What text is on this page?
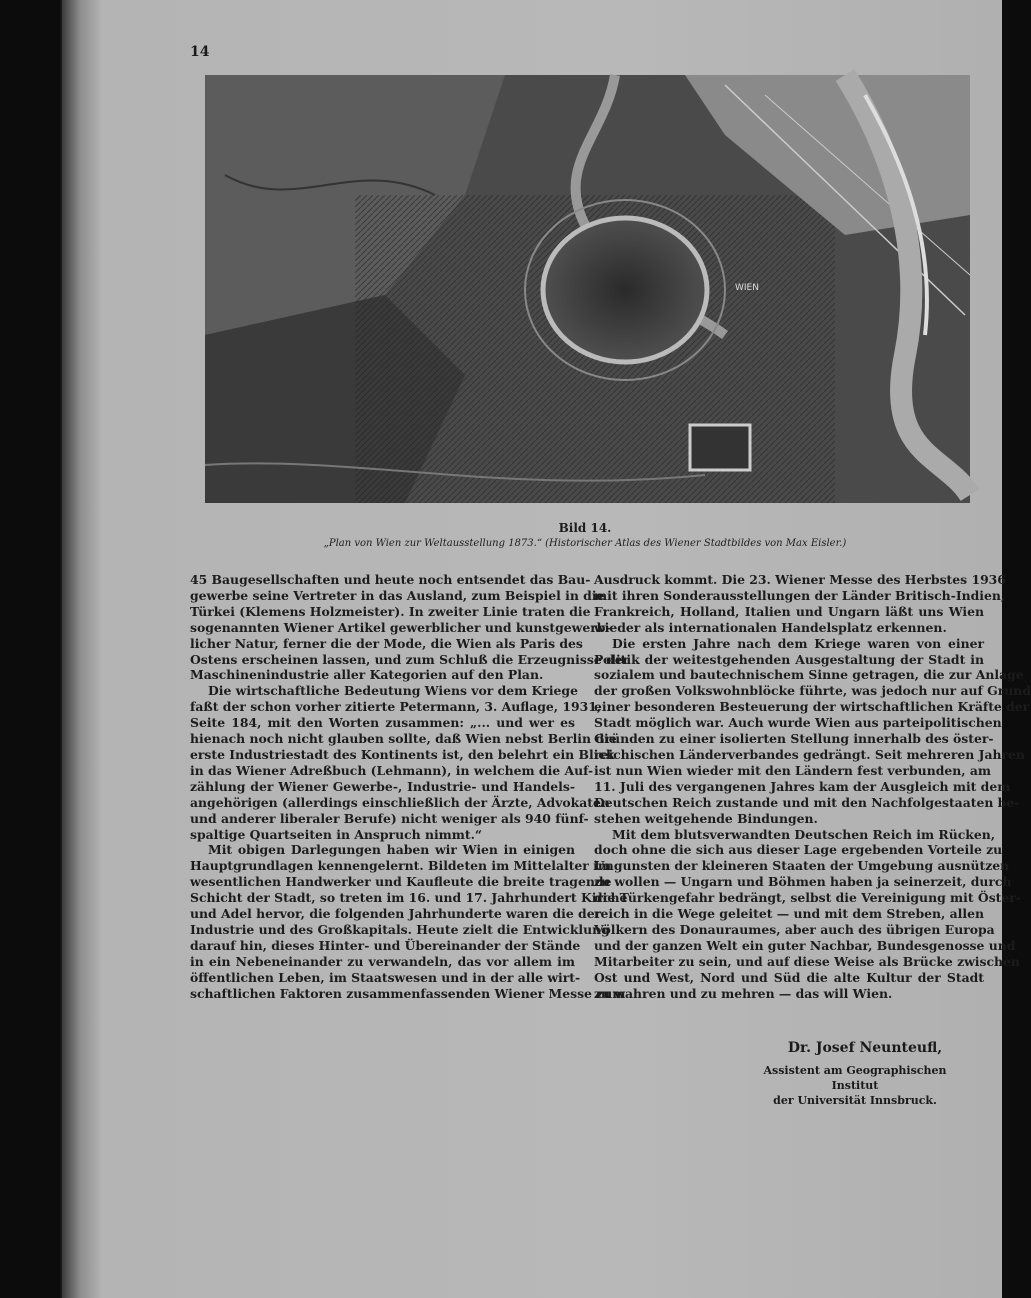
14
WIEN
Bild 14.
„Plan von Wien zur Weltausstellung 1873.“ (Historischer Atlas des Wiener Stadtbildes von Max Eisler.)
45 Baugesellschaften und heute noch entsendet das Bau-
gewerbe seine Vertreter in das Ausland, zum Beispiel in die
Türkei (Klemens Holzmeister). In zweiter Linie traten die
sogenannten Wiener Artikel gewerblicher und kunstgewerb-
licher Natur, ferner die der Mode, die Wien als Paris des
Ostens erscheinen lassen, und zum Schluß die Erzeugnisse der
Maschinenindustrie aller Kategorien auf den Plan.
Die wirtschaftliche Bedeutung Wiens vor dem Kriege
faßt der schon vorher zitierte Petermann, 3. Auflage, 1931,
Seite 184, mit den Worten zusammen: „... und wer es
hienach noch nicht glauben sollte, daß Wien nebst Berlin die
erste Industriestadt des Kontinents ist, den belehrt ein Blick
in das Wiener Adreßbuch (Lehmann), in welchem die Auf-
zählung der Wiener Gewerbe-, Industrie- und Handels-
angehörigen (allerdings einschließlich der Ärzte, Advokaten
und anderer liberaler Berufe) nicht weniger als 940 fünf-
spaltige Quartseiten in Anspruch nimmt.“
Mit obigen Darlegungen haben wir Wien in einigen
Hauptgrundlagen kennengelernt. Bildeten im Mittelalter im
wesentlichen Handwerker und Kaufleute die breite tragende
Schicht der Stadt, so treten im 16. und 17. Jahrhundert Kirche
und Adel hervor, die folgenden Jahrhunderte waren die der
Industrie und des Großkapitals. Heute zielt die Entwicklung
darauf hin, dieses Hinter- und Übereinander der Stände
in ein Nebeneinander zu verwandeln, das vor allem im
öffentlichen Leben, im Staatswesen und in der alle wirt-
schaftlichen Faktoren zusammenfassenden Wiener Messe zum
Ausdruck kommt. Die 23. Wiener Messe des Herbstes 1936
mit ihren Sonderausstellungen der Länder Britisch-Indien,
Frankreich, Holland, Italien und Ungarn läßt uns Wien
wieder als internationalen Handelsplatz erkennen.
Die ersten Jahre nach dem Kriege waren von einer
Politik der weitestgehenden Ausgestaltung der Stadt in
sozialem und bautechnischem Sinne getragen, die zur Anlage
der großen Volkswohnblöcke führte, was jedoch nur auf Grund
einer besonderen Besteuerung der wirtschaftlichen Kräfte der
Stadt möglich war. Auch wurde Wien aus parteipolitischen
Gründen zu einer isolierten Stellung innerhalb des öster-
reichischen Länderverbandes gedrängt. Seit mehreren Jahren
ist nun Wien wieder mit den Ländern fest verbunden, am
11. Juli des vergangenen Jahres kam der Ausgleich mit dem
Deutschen Reich zustande und mit den Nachfolgestaaten be-
stehen weitgehende Bindungen.
Mit dem blutsverwandten Deutschen Reich im Rücken,
doch ohne die sich aus dieser Lage ergebenden Vorteile zu
Ungunsten der kleineren Staaten der Umgebung ausnützen
zu wollen — Ungarn und Böhmen haben ja seinerzeit, durch
die Türkengefahr bedrängt, selbst die Vereinigung mit Öster-
reich in die Wege geleitet — und mit dem Streben, allen
Völkern des Donauraumes, aber auch des übrigen Europa
und der ganzen Welt ein guter Nachbar, Bundesgenosse und
Mitarbeiter zu sein, und auf diese Weise als Brücke zwischen
Ost und West, Nord und Süd die alte Kultur der Stadt
zu wahren und zu mehren — das will Wien.
Dr. Josef Neunteufl,
Assistent am Geographischen Institut
der Universität Innsbruck.
